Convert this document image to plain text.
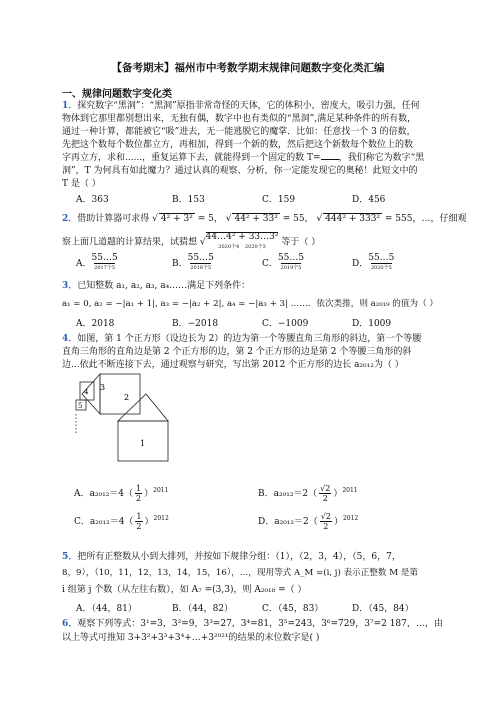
【备考期末】福州市中考数学期末规律问题数字变化类汇编
一、规律问题数字变化类
1．探究数字“黑洞”：“黑洞”原指非常奇怪的天体，它的体积小，密度大，吸引力强，任何
物体到它那里都别想出来，无独有偶，数字中也有类似的“黑洞”,满足某种条件的所有数，
通过一种计算，都能被它“吸”进去，无一能逃脱它的魔掌．比如：任意找一个 3 的倍数，
先把这个数每个数位都立方，再相加，得到一个新的数，然后把这个新数每个数位上的数
字再立方，求和......，重复运算下去，就能得到一个固定的数 T= ，我们称它为数字“黑
洞”，T 为何具有如此魔力？通过认真的观察、分析，你一定能发现它的奥秘！此短文中的
T 是（ ）
A．363	B．153	C．159	D．456
2．借助计算器可求得 √ 4² + 3² = 5， √ 44² + 33² = 55， √ 444² + 333² = 555，…，仔细观
察上面几道题的计算结果，试猜想 √44…4² + 33…3²
2020个4 2020个3 等于（ ）
A．55…5
2017个5	B．55…5
2018个5	C．55…5
2019个5	D．55…5
2020个5
3．已知整数 a₁, a₂, a₃, a₄……满足下列条件：
a₁ = 0, a₂ = −|a₁ + 1|, a₃ = −|a₂ + 2|, a₄ = −|a₃ + 3| ……．依次类推，则 a₂₀₁₉ 的值为（ ）
A．2018	B．−2018	C．−1009	D．1009
4．如图，第 1 个正方形（设边长为 2）的边为第一个等腰直角三角形的斜边，第一个等腰
直角三角形的直角边是第 2 个正方形的边，第 2 个正方形的边是第 2 个等腰三角形的斜
边...依此不断连接下去，通过观察与研究，写出第 2012 个正方形的边长 a₂₀₁₂为（ ）
1
2
3
4
5
A．$a_{2012}=4( \frac{1}{2} )^{2011}$	B．$a_{2012}=2( \frac{√2}{2} )^{2011}$
C．$a_{2012}=4( \frac{1}{2} )^{2012}$	D．$a_{2012}=2( \frac{√2}{2} )^{2012}$
5．把所有正整数从小到大排列，并按如下规律分组：（1），（2，3，4），（5，6，7，
8，9），（10，11，12，13，14，15，16），…，现用等式 A_M =(i, j) 表示正整数 M 是第
i 组第 j 个数（从左往右数），如 A₇ =(3,3)，则 A₂₀₁₈ =（ ）
A．（44，81）	B．（44，82）	C．（45，83）	D．（45，84）
6．观察下列等式：3¹=3，3²=9，3³=27，3⁴=81，3⁵=243，3⁶=729，3⁷=2 187，…，由
以上等式可推知 3+3²+3³+3⁴+…+3²⁰²¹的结果的末位数字是( )
